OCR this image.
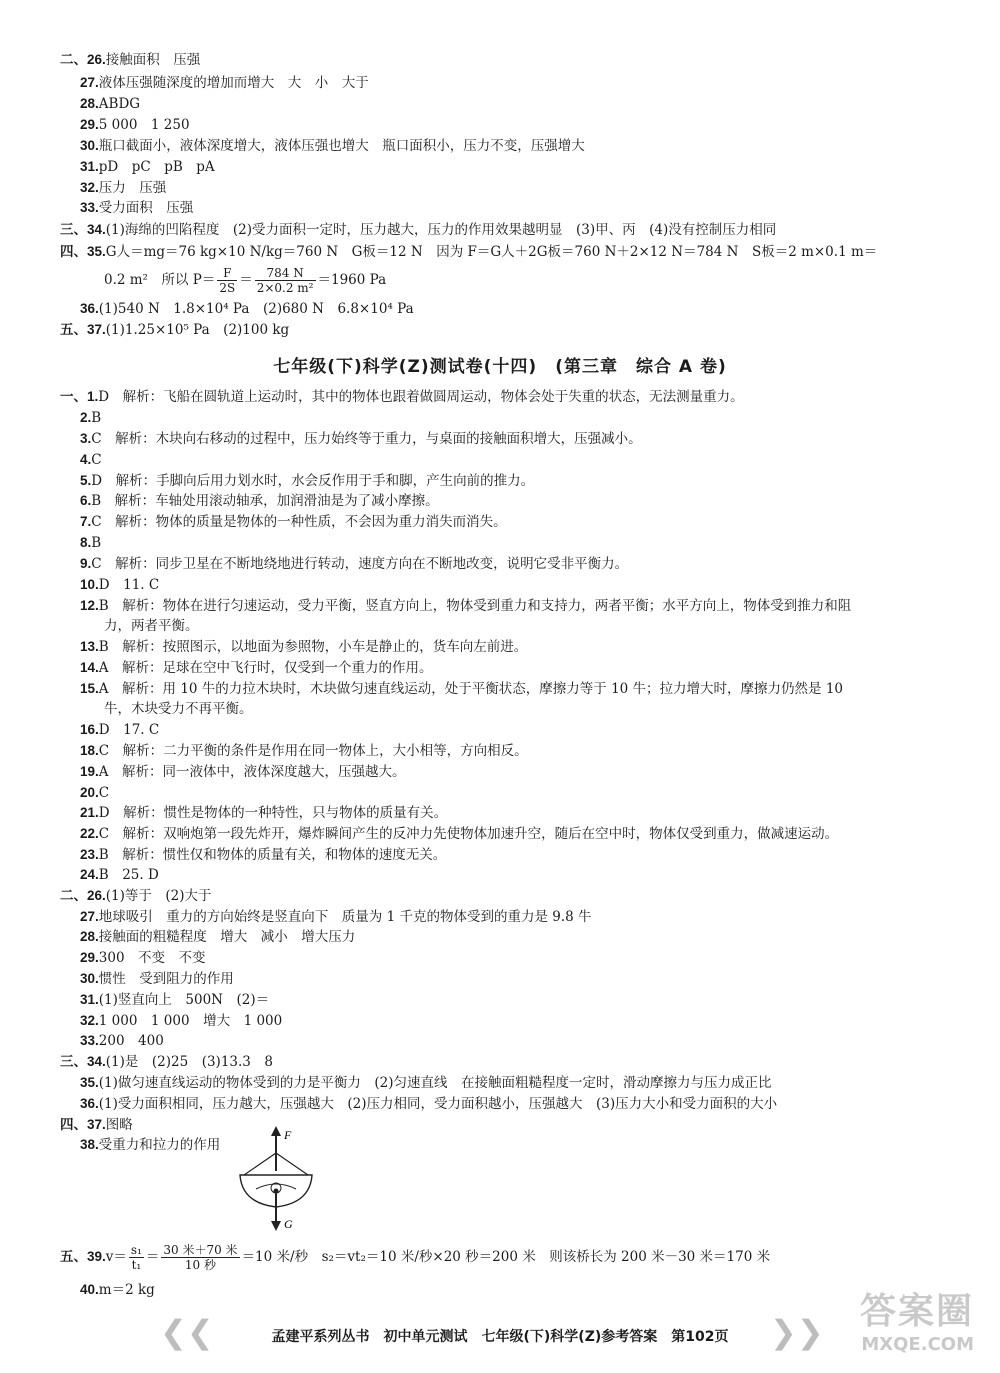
二、26.接触面积　压强
27.液体压强随深度的增加而增大　大　小　大于
28.ABDG
29.5 000　1 250
30.瓶口截面小，液体深度增大，液体压强也增大　瓶口面积小，压力不变，压强增大
31.pD　pC　pB　pA
32.压力　压强
33.受力面积　压强
三、34.(1)海绵的凹陷程度　(2)受力面积一定时，压力越大，压力的作用效果越明显　(3)甲、丙　(4)没有控制压力相同
四、35.G人＝mg＝76 kg×10 N/kg＝760 N　G板＝12 N　因为 F＝G人＋2G板＝760 N＋2×12 N＝784 N　S板＝2 m×0.1 m＝
0.2 m²　所以 $P= \frac{F}{2S} = \frac{784 N}{\text{2×0.2 m²}} =1960$ Pa
36.(1)540 N　1.8×10⁴ Pa　(2)680 N　6.8×10⁴ Pa
五、37.(1)1.25×10⁵ Pa　(2)100 kg
七年级(下)科学(Z)测试卷(十四)　(第三章　综合 A 卷)
一、1.D　解析：飞船在圆轨道上运动时，其中的物体也跟着做圆周运动，物体会处于失重的状态，无法测量重力。
2.B
3.C　解析：木块向右移动的过程中，压力始终等于重力，与桌面的接触面积增大，压强减小。
4.C
5.D　解析：手脚向后用力划水时，水会反作用于手和脚，产生向前的推力。
6.B　解析：车轴处用滚动轴承，加润滑油是为了减小摩擦。
7.C　解析：物体的质量是物体的一种性质，不会因为重力消失而消失。
8.B
9.C　解析：同步卫星在不断地绕地进行转动，速度方向在不断地改变，说明它受非平衡力。
10.D　11. C
12.B　解析：物体在进行匀速运动，受力平衡，竖直方向上，物体受到重力和支持力，两者平衡；水平方向上，物体受到推力和阻
力，两者平衡。
13.B　解析：按照图示，以地面为参照物，小车是静止的，货车向左前进。
14.A　解析：足球在空中飞行时，仅受到一个重力的作用。
15.A　解析：用 10 牛的力拉木块时，木块做匀速直线运动，处于平衡状态，摩擦力等于 10 牛；拉力增大时，摩擦力仍然是 10
牛，木块受力不再平衡。
16.D　17. C
18.C　解析：二力平衡的条件是作用在同一物体上，大小相等，方向相反。
19.A　解析：同一液体中，液体深度越大，压强越大。
20.C
21.D　解析：惯性是物体的一种特性，只与物体的质量有关。
22.C　解析：双响炮第一段先炸开，爆炸瞬间产生的反冲力先使物体加速升空，随后在空中时，物体仅受到重力，做减速运动。
23.B　解析：惯性仅和物体的质量有关，和物体的速度无关。
24.B　25. D
二、26.(1)等于　(2)大于
27.地球吸引　重力的方向始终是竖直向下　质量为 1 千克的物体受到的重力是 9.8 牛
28.接触面的粗糙程度　增大　减小　增大压力
29.300　不变　不变
30.惯性　受到阻力的作用
31.(1)竖直向上　500N　(2)＝
32.1 000　1 000　增大　1 000
33.200　400
三、34.(1)是　(2)25　(3)13.3　8
35.(1)做匀速直线运动的物体受到的力是平衡力　(2)匀速直线　在接触面粗糙程度一定时，滑动摩擦力与压力成正比
36.(1)受力面积相同，压力越大，压强越大　(2)压力相同，受力面积越小，压强越大　(3)压力大小和受力面积的大小
四、37.图略
38.受重力和拉力的作用
F
G
五、$39.v= \frac{\text{s₁}}{\text{t₁}} = \frac{\text{30 米＋70 米}}{\text{10 秒}} =10$ 米/秒　s₂＝vt₂＝10 米/秒×20 秒＝200 米　则该桥长为 200 米－30 米＝170 米
40.m＝2 kg
❮❮	孟建平系列丛书　初中单元测试　七年级(下)科学(Z)参考答案　第102页	❯❯ 答案圈
MXQE.COM
